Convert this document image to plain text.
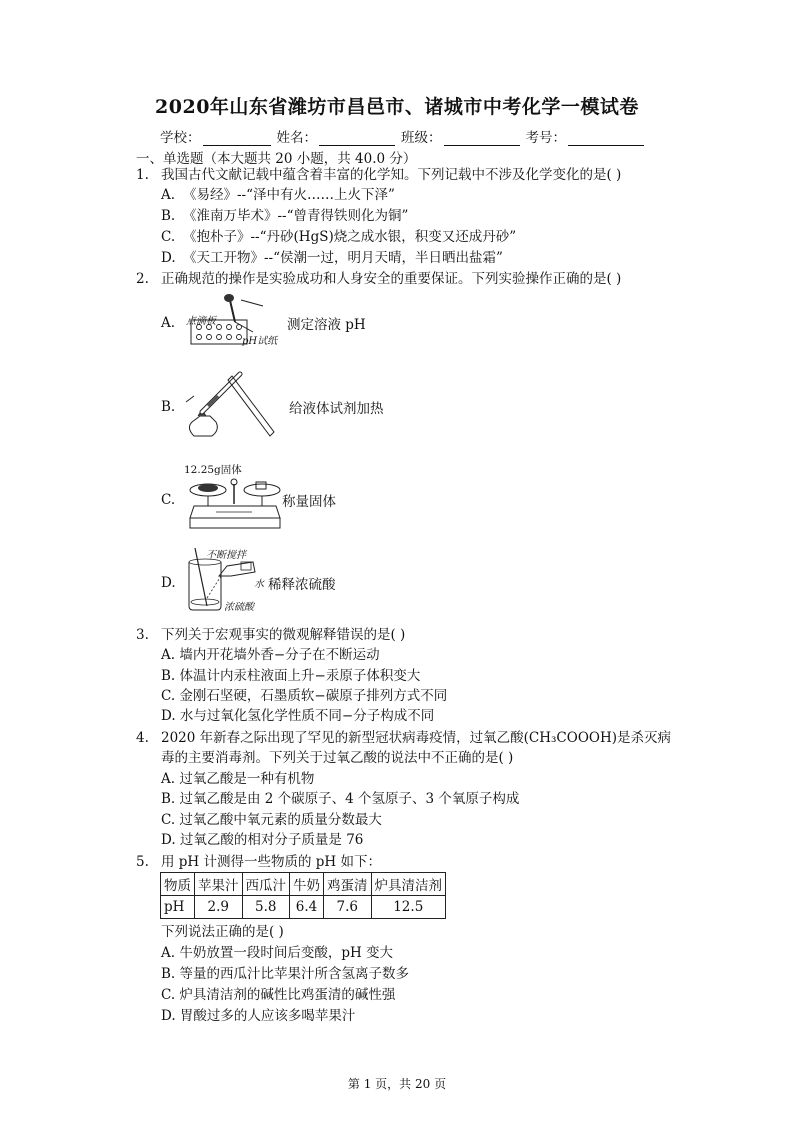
2020年山东省潍坊市昌邑市、诸城市中考化学一模试卷
学校：	姓名：	班级：	考号：
一、单选题（本大题共 20 小题，共 40.0 分）
1. 我国古代文献记载中蕴含着丰富的化学知。下列记载中不涉及化学变化的是( )
A. 《易经》--“泽中有火……上火下泽”
B. 《淮南万毕术》--“曾青得铁则化为铜”
C. 《抱朴子》--“丹砂(HgS)烧之成水银，积变又还成丹砂”
D. 《天工开物》--“侯潮一过，明月天晴，半日晒出盐霜”
2. 正确规范的操作是实验成功和人身安全的重要保证。下列实验操作正确的是( )
A.	点滴板
pH试纸
测定溶液 pH
B.	给液体试剂加热
12.25g固体
C.	称量固体
D.
不断搅拌
水
浓硫酸
稀释浓硫酸
3. 下列关于宏观事实的微观解释错误的是( )
A. 墙内开花墙外香−分子在不断运动
B. 体温计内汞柱液面上升−汞原子体积变大
C. 金刚石坚硬，石墨质软−碳原子排列方式不同
D. 水与过氧化氢化学性质不同−分子构成不同
4. 2020 年新春之际出现了罕见的新型冠状病毒疫情，过氧乙酸(CH₃COOOH)是杀灭病
毒的主要消毒剂。下列关于过氧乙酸的说法中不正确的是( )
A. 过氧乙酸是一种有机物
B. 过氧乙酸是由 2 个碳原子、4 个氢原子、3 个氧原子构成
C. 过氧乙酸中氧元素的质量分数最大
D. 过氧乙酸的相对分子质量是 76
5. 用 pH 计测得一些物质的 pH 如下：
物质	苹果汁	西瓜汁	牛奶	鸡蛋清	炉具清洁剂
pH	2.9	5.8	6.4	7.6	12.5
下列说法正确的是( )
A. 牛奶放置一段时间后变酸，pH 变大
B. 等量的西瓜汁比苹果汁所含氢离子数多
C. 炉具清洁剂的碱性比鸡蛋清的碱性强
D. 胃酸过多的人应该多喝苹果汁
第 1 页，共 20 页
